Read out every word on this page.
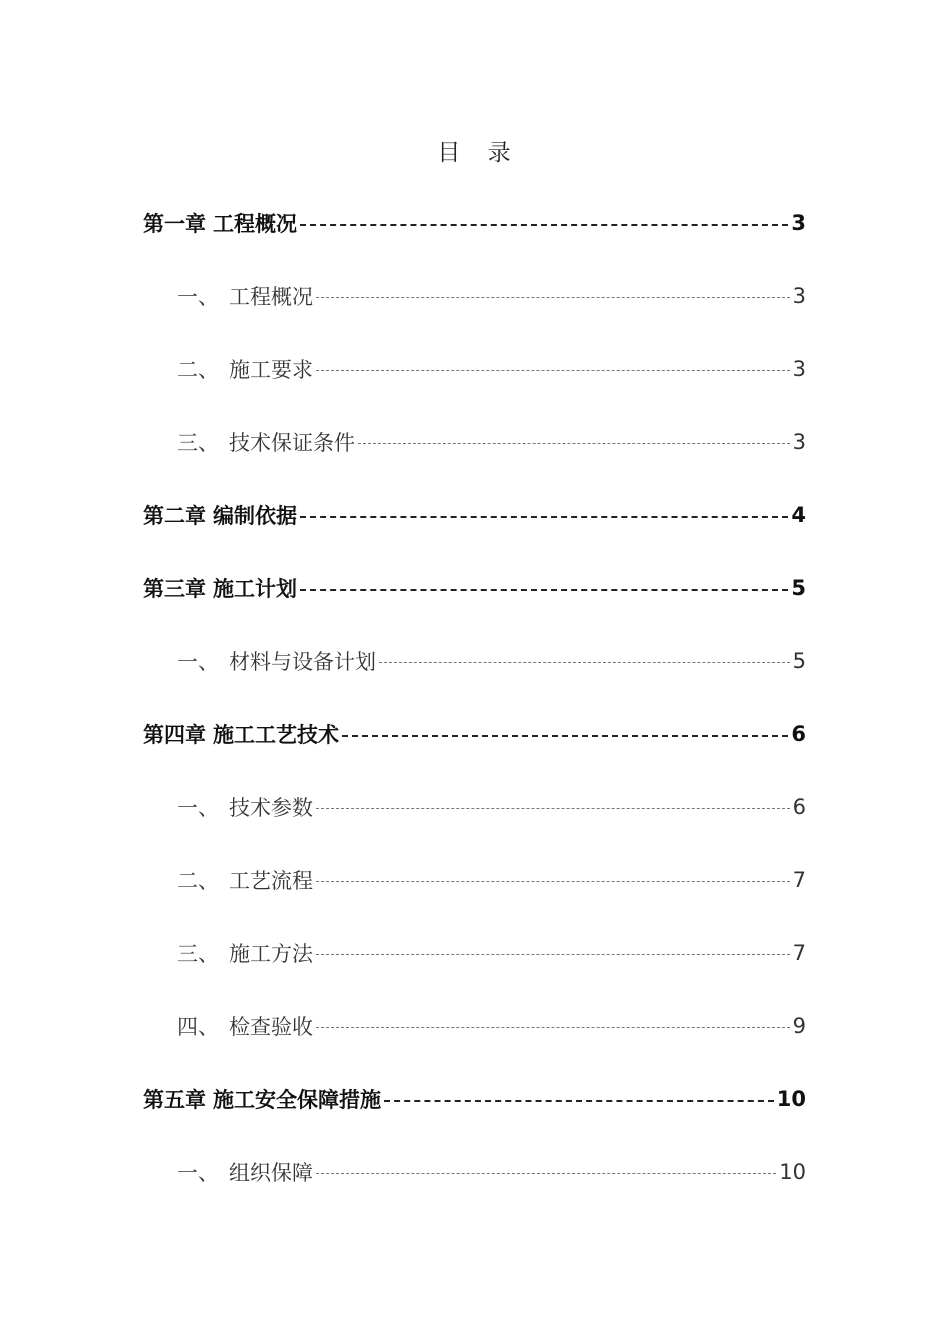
目 录
第一章 工程概况	3
一、 工程概况	3
二、 施工要求	3
三、 技术保证条件	3
第二章 编制依据	4
第三章 施工计划	5
一、 材料与设备计划	5
第四章 施工工艺技术	6
一、 技术参数	6
二、 工艺流程	7
三、 施工方法	7
四、 检查验收	9
第五章 施工安全保障措施	10
一、 组织保障	10
